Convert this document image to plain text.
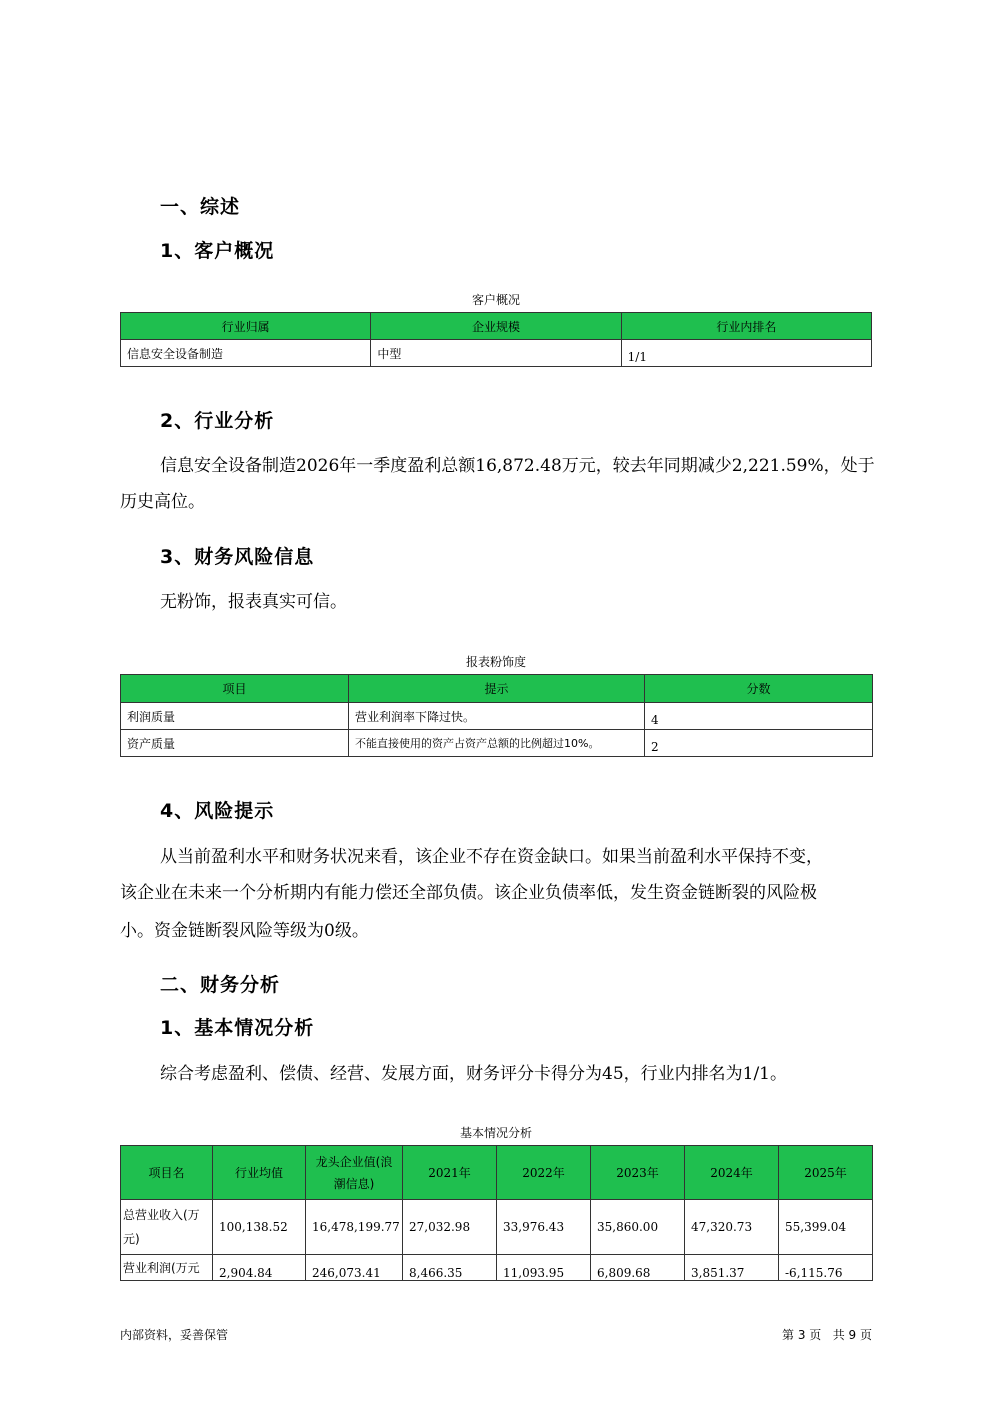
一、综述
1、客户概况
客户概况
行业归属	企业规模	行业内排名
信息安全设备制造	中型	1/1
2、行业分析
信息安全设备制造2026年一季度盈利总额16,872.48万元，较去年同期减少2,221.59%，处于
历史高位。
3、财务风险信息
无粉饰，报表真实可信。
报表粉饰度
项目	提示	分数
利润质量	营业利润率下降过快。	4
资产质量	不能直接使用的资产占资产总额的比例超过10%。	2
4、风险提示
从当前盈利水平和财务状况来看，该企业不存在资金缺口。如果当前盈利水平保持不变，
该企业在未来一个分析期内有能力偿还全部负债。该企业负债率低，发生资金链断裂的风险极
小。资金链断裂风险等级为0级。
二、财务分析
1、基本情况分析
综合考虑盈利、偿债、经营、发展方面，财务评分卡得分为45，行业内排名为1/1。
基本情况分析
项目名	行业均值	龙头企业值(浪潮信息)	2021年	2022年	2023年	2024年	2025年
总营业收入(万元)	100,138.52	16,478,199.77	27,032.98	33,976.43	35,860.00	47,320.73	55,399.04
营业利润(万元	2,904.84	246,073.41	8,466.35	11,093.95	6,809.68	3,851.37	-6,115.76
内部资料，妥善保管	第 3 页   共 9 页
